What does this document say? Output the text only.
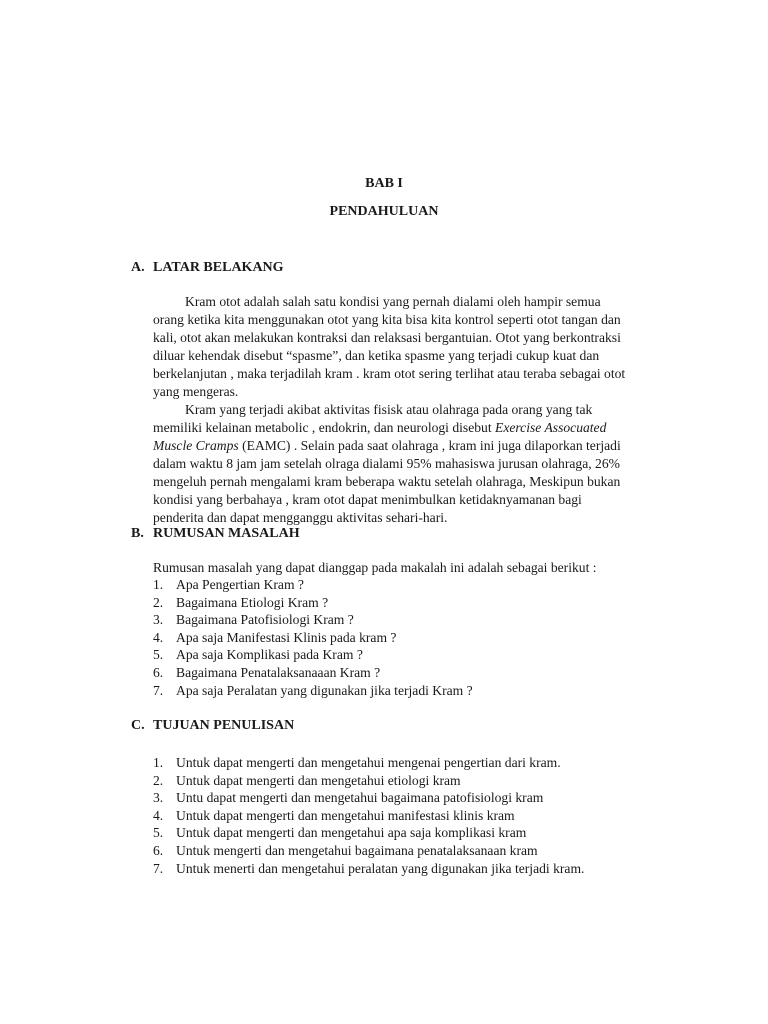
BAB I
PENDAHULUAN
A. LATAR BELAKANG

Kram otot adalah salah satu kondisi yang pernah dialami oleh hampir semua orang ketika kita menggunakan otot yang kita bisa kita kontrol seperti otot tangan dan kali, otot akan melakukan kontraksi dan relaksasi bergantuian. Otot yang berkontraksi diluar kehendak disebut “spasme”, dan ketika spasme yang terjadi cukup kuat dan berkelanjutan , maka terjadilah kram . kram otot sering terlihat atau teraba sebagai otot yang mengeras.

Kram yang terjadi akibat aktivitas fisisk atau olahraga pada orang yang tak memiliki kelainan metabolic , endokrin, dan neurologi disebut Exercise Assocuated Muscle Cramps (EAMC) . Selain pada saat olahraga , kram ini juga dilaporkan terjadi dalam waktu 8 jam jam setelah olraga dialami 95% mahasiswa jurusan olahraga, 26% mengeluh pernah mengalami kram beberapa waktu setelah olahraga, Meskipun bukan kondisi yang berbahaya , kram otot dapat menimbulkan ketidaknyamanan bagi penderita dan dapat mengganggu aktivitas sehari-hari.

B. RUMUSAN MASALAH
Rumusan masalah yang dapat dianggap pada makalah ini adalah sebagai berikut :
1. Apa Pengertian Kram ?
2. Bagaimana Etiologi Kram ?
3. Bagaimana Patofisiologi Kram ?
4. Apa saja Manifestasi Klinis pada kram ?
5. Apa saja Komplikasi pada Kram ?
6. Bagaimana Penatalaksanaaan Kram ?
7. Apa saja Peralatan yang digunakan jika terjadi Kram ?
C. TUJUAN PENULISAN
1. Untuk dapat mengerti dan mengetahui mengenai pengertian dari kram.
2. Untuk dapat mengerti dan mengetahui etiologi kram
3. Untu dapat mengerti dan mengetahui bagaimana patofisiologi kram
4. Untuk dapat mengerti dan mengetahui manifestasi klinis kram
5. Untuk dapat mengerti dan mengetahui apa saja komplikasi kram
6. Untuk mengerti dan mengetahui bagaimana penatalaksanaan kram
7. Untuk menerti dan mengetahui peralatan yang digunakan jika terjadi kram.
